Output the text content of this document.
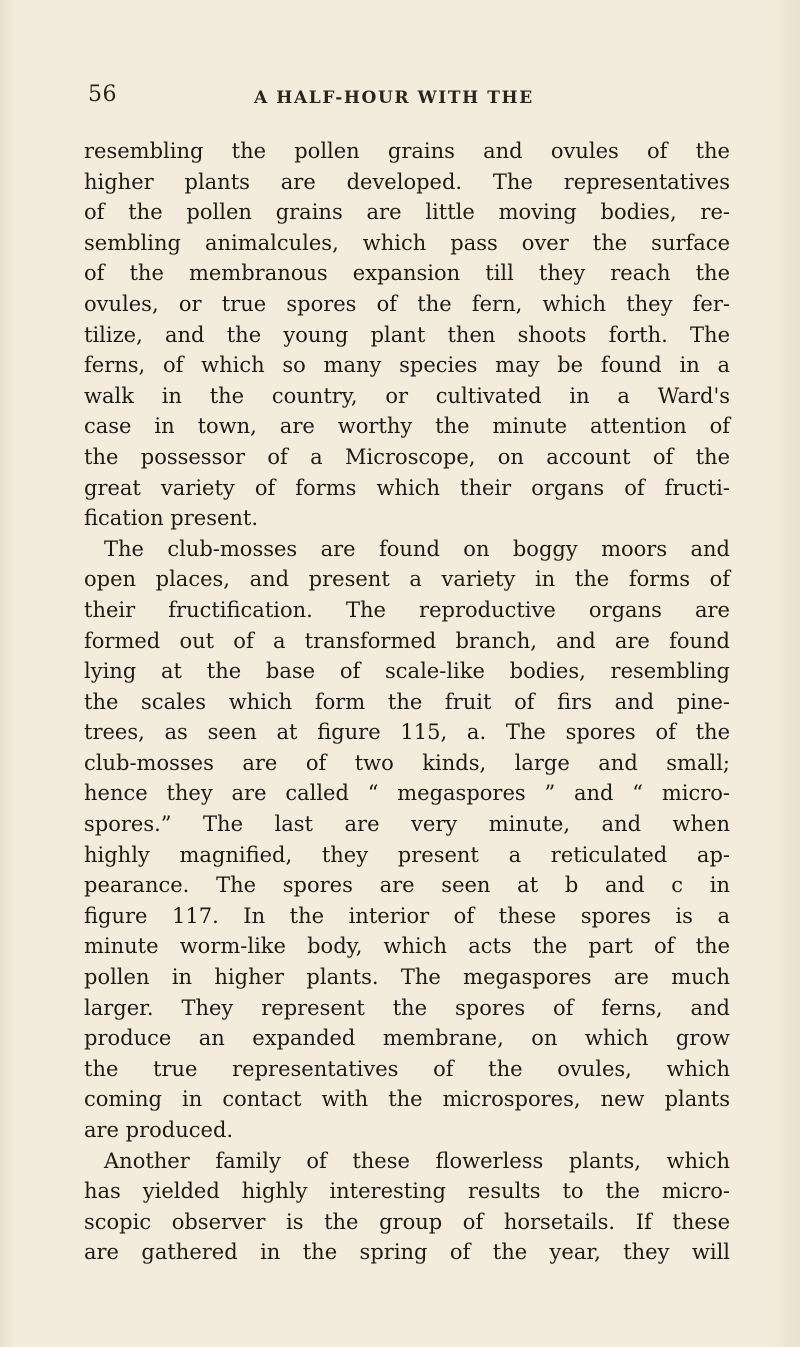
56	A HALF-HOUR WITH THE
resembling the pollen grains and ovules of the
higher plants are developed. The representatives
of the pollen grains are little moving bodies, re-
sembling animalcules, which pass over the surface
of the membranous expansion till they reach the
ovules, or true spores of the fern, which they fer-
tilize, and the young plant then shoots forth. The
ferns, of which so many species may be found in a
walk in the country, or cultivated in a Ward's
case in town, are worthy the minute attention of
the possessor of a Microscope, on account of the
great variety of forms which their organs of fructi-
fication present.
The club-mosses are found on boggy moors and
open places, and present a variety in the forms of
their fructification. The reproductive organs are
formed out of a transformed branch, and are found
lying at the base of scale-like bodies, resembling
the scales which form the fruit of firs and pine-
trees, as seen at figure 115, a. The spores of the
club-mosses are of two kinds, large and small;
hence they are called “ megaspores ” and “ micro-
spores.” The last are very minute, and when
highly magnified, they present a reticulated ap-
pearance. The spores are seen at b and c in
figure 117. In the interior of these spores is a
minute worm-like body, which acts the part of the
pollen in higher plants. The megaspores are much
larger. They represent the spores of ferns, and
produce an expanded membrane, on which grow
the true representatives of the ovules, which
coming in contact with the microspores, new plants
are produced.
Another family of these flowerless plants, which
has yielded highly interesting results to the micro-
scopic observer is the group of horsetails. If these
are gathered in the spring of the year, they will
